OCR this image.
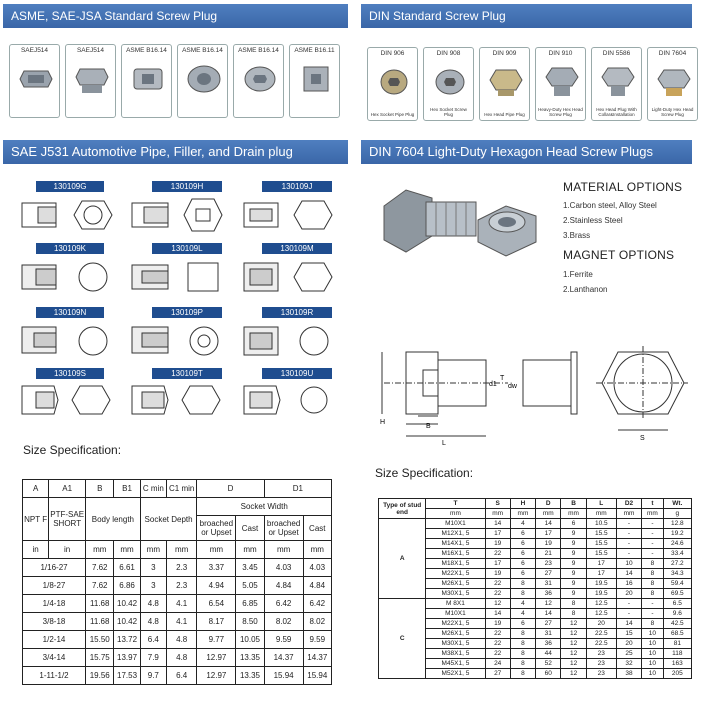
ASME, SAE-JSA Standard Screw Plug	DIN Standard Screw Plug
SAEJ514	SAEJ514	ASME B16.14	ASME B16.14	ASME B16.14	ASME B16.11	DIN 906
Hex Socket Pipe Plug
DIN 908
Hex Socket Screw Plug
DIN 909
Hex Head Pipe Plug
DIN 910
Heavy-Duty Hex Head Screw Plug
DIN 5586
Hex Head Plug With Collar&Installation
DIN 7604
Light-Duty Hex Head Screw Plug
SAE J531 Automotive Pipe, Filler, and Drain plug	DIN 7604 Light-Duty Hexagon Head Screw Plugs
130109G	130109H	130109J
130109K	130109L	130109M
130109N	130109P	130109R
130109S	130109T	130109U
MATERIAL OPTIONS
1.Carbon steel, Alloy Steel
2.Stainless Steel
3.Brass
MAGNET OPTIONS
1.Ferrite
2.Lanthanon
H
L
B
d1
T
dw
S
Size Specification:
Size Specification:
A	A1	B	B1	C min	C1 min	D		D1	
NPT F	PTF-SAE SHORT	Body length		Socket Depth		Socket Width			
						broached or Upset	Cast	broached or Upset	Cast
in	in	mm	mm	mm	mm	mm	mm	mm	mm
1/16-27		7.62	6.61	3	2.3	3.37	3.45	4.03	4.03
1/8-27		7.62	6.86	3	2.3	4.94	5.05	4.84	4.84
1/4-18		11.68	10.42	4.8	4.1	6.54	6.85	6.42	6.42
3/8-18		11.68	10.42	4.8	4.1	8.17	8.50	8.02	8.02
1/2-14		15.50	13.72	6.4	4.8	9.77	10.05	9.59	9.59
3/4-14		15.75	13.97	7.9	4.8	12.97	13.35	14.37	14.37
1-11-1/2		19.56	17.53	9.7	6.4	12.97	13.35	15.94	15.94
Type of stud end	T	S	H	D	B	L	D2	t	Wt.
	mm	mm	mm	mm	mm	mm	mm	mm	g
A	M10X1	14	4	14	6	10.5	-	-	12.8
	M12X1, 5	17	6	17	9	15.5	-	-	19.2
	M14X1, 5	19	6	19	9	15.5	-	-	24.6
	M16X1, 5	22	6	21	9	15.5	-	-	33.4
	M18X1, 5	17	6	23	9	17	10	8	27.2
	M22X1, 5	19	6	27	9	17	14	8	34.3
	M26X1, 5	22	8	31	9	19.5	16	8	59.4
	M30X1, 5	22	8	36	9	19.5	20	8	69.5
C	M 8X1	12	4	12	8	12.5	-	-	6.5
	M10X1	14	4	14	8	12.5	-	-	9.6
	M22X1, 5	19	6	27	12	20	14	8	42.5
	M26X1, 5	22	8	31	12	22.5	15	10	68.5
	M30X1, 5	22	8	36	12	22.5	20	10	81
	M38X1, 5	22	8	44	12	23	25	10	118
	M45X1, 5	24	8	52	12	23	32	10	163
	M52X1, 5	27	8	60	12	23	38	10	205
